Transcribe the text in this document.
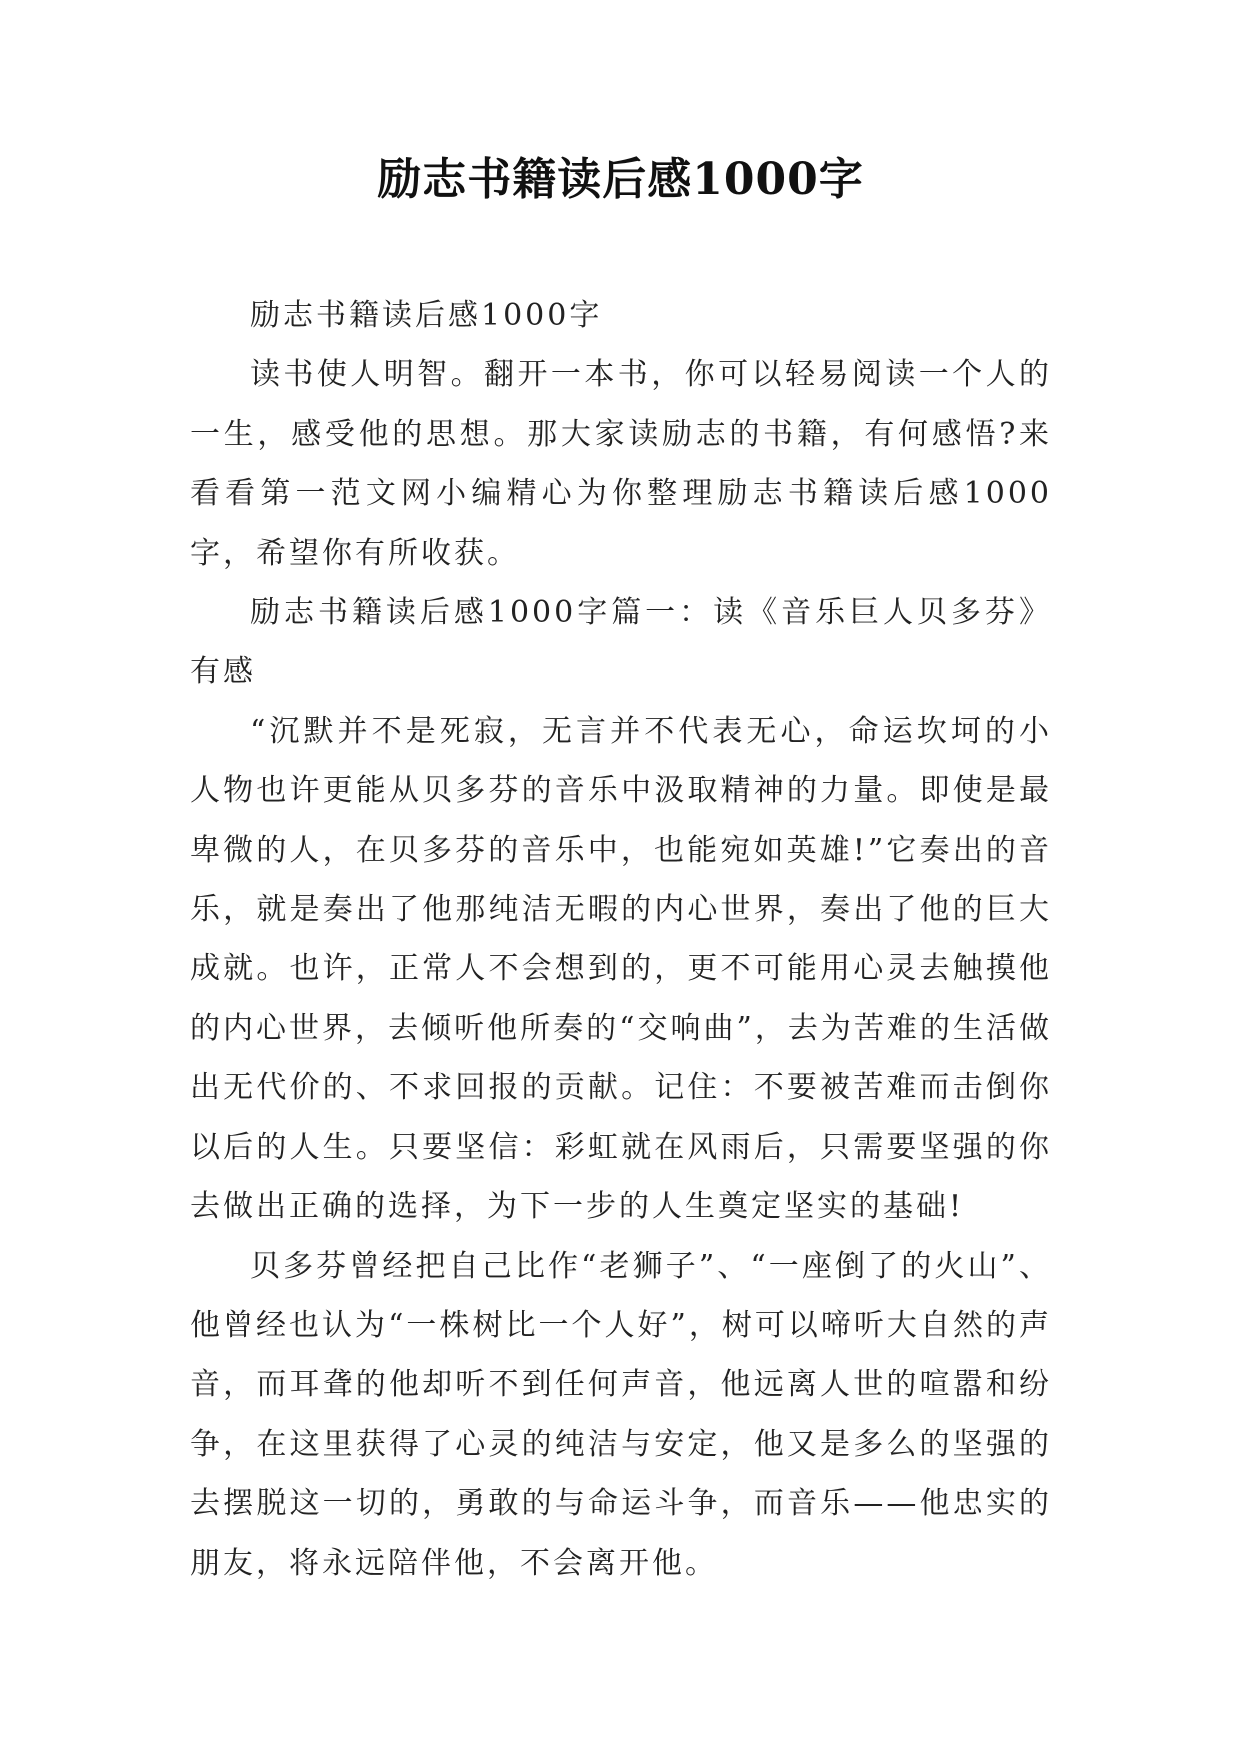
励志书籍读后感1000字

励志书籍读后感1000字

读书使人明智。翻开一本书，你可以轻易阅读一个人的一生，感受他的思想。那大家读励志的书籍，有何感悟?来看看第一范文网小编精心为你整理励志书籍读后感1000字，希望你有所收获。

励志书籍读后感1000字篇一：读《音乐巨人贝多芬》有感

“沉默并不是死寂，无言并不代表无心，命运坎坷的小人物也许更能从贝多芬的音乐中汲取精神的力量。即使是最卑微的人，在贝多芬的音乐中，也能宛如英雄!”它奏出的音乐，就是奏出了他那纯洁无暇的内心世界，奏出了他的巨大成就。也许，正常人不会想到的，更不可能用心灵去触摸他的内心世界，去倾听他所奏的“交响曲”，去为苦难的生活做出无代价的、不求回报的贡献。记住：不要被苦难而击倒你以后的人生。只要坚信：彩虹就在风雨后，只需要坚强的你去做出正确的选择，为下一步的人生奠定坚实的基础!

贝多芬曾经把自己比作“老狮子”、“一座倒了的火山”、他曾经也认为“一株树比一个人好”，树可以啼听大自然的声音，而耳聋的他却听不到任何声音，他远离人世的喧嚣和纷争，在这里获得了心灵的纯洁与安定，他又是多么的坚强的去摆脱这一切的，勇敢的与命运斗争，而音乐——他忠实的朋友，将永远陪伴他，不会离开他。
